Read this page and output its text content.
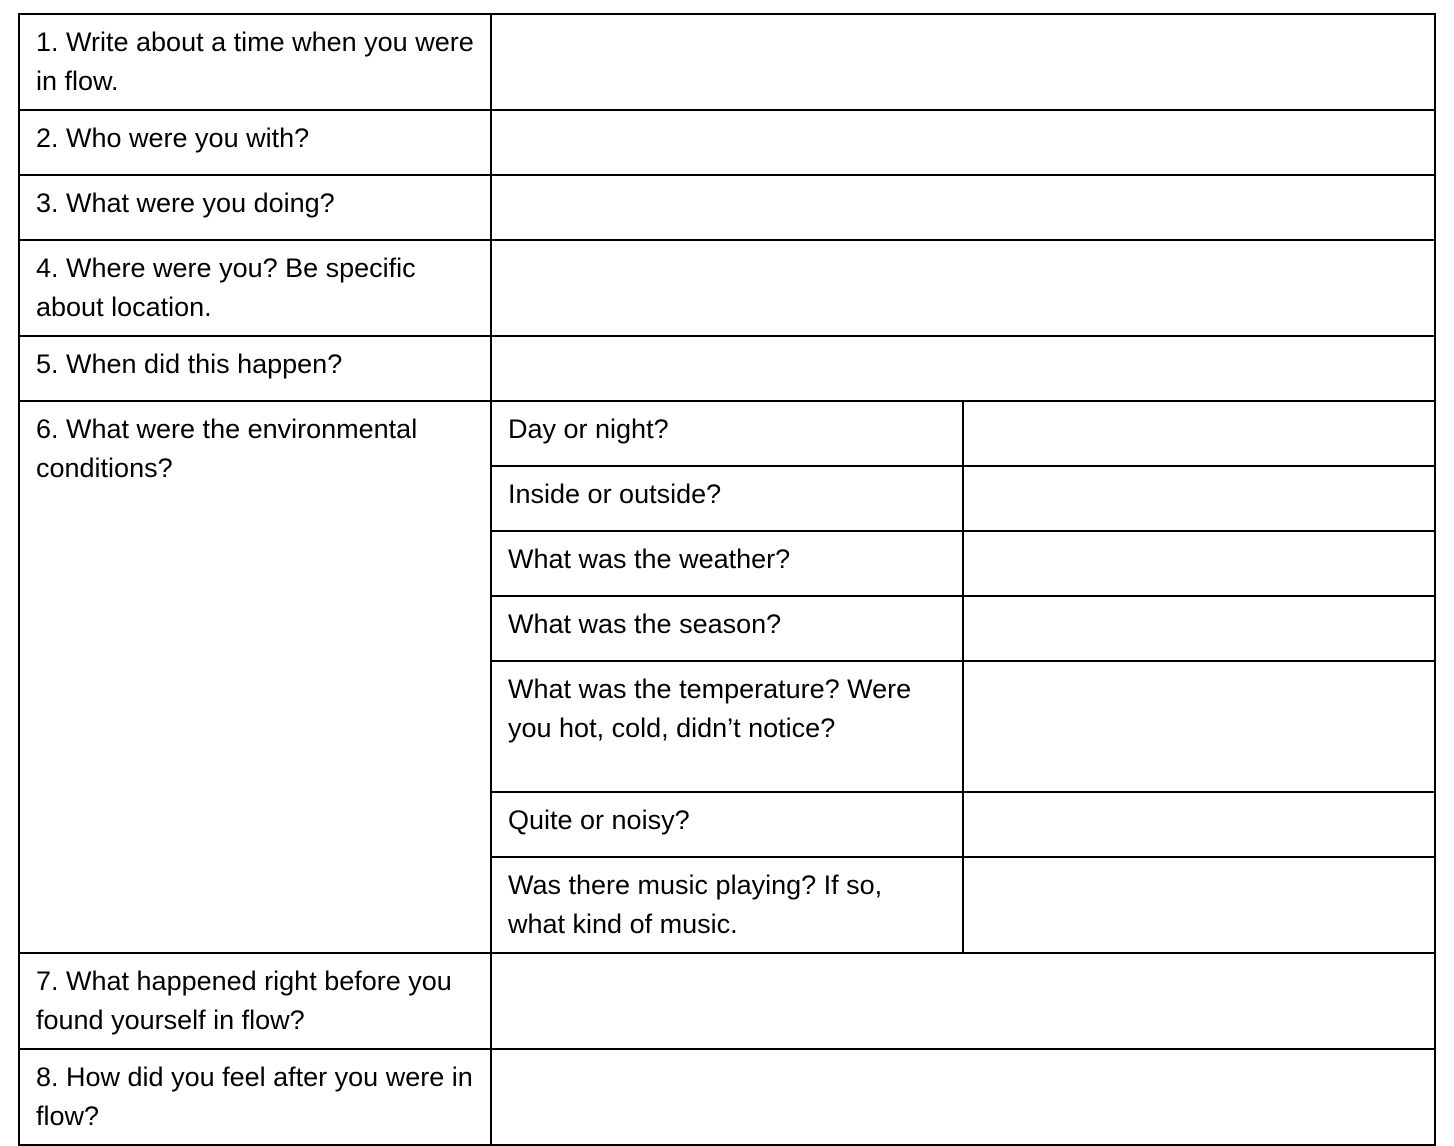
1. Write about a time when you were in flow.		
2. Who were you with?		
3. What were you doing?		
4. Where were you? Be specific about location.		
5. When did this happen?		
6. What were the environmental conditions?	Day or night?	
	Inside or outside?	
	What was the weather?	
	What was the season?	
	What was the temperature? Were you hot, cold, didn’t notice?	
	Quite or noisy?	
	Was there music playing? If so, what kind of music.	
7. What happened right before you found yourself in flow?		
8. How did you feel after you were in flow?		
